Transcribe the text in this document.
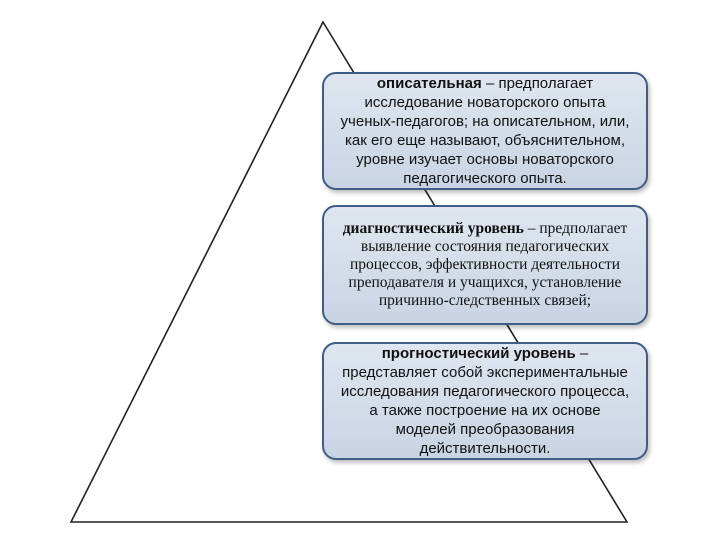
описательная – предполагает исследование новаторского опыта ученых-педагогов; на описательном, или, как его еще называют, объяснительном, уровне изучает основы новаторского педагогического опыта.

диагностический уровень – предполагает выявление состояния педагогических процессов, эффективности деятельности преподавателя и учащихся, установление причинно-следственных связей;

прогностический уровень – представляет собой экспериментальные исследования педагогического процесса, а также построение на их основе моделей преобразования действительности.
